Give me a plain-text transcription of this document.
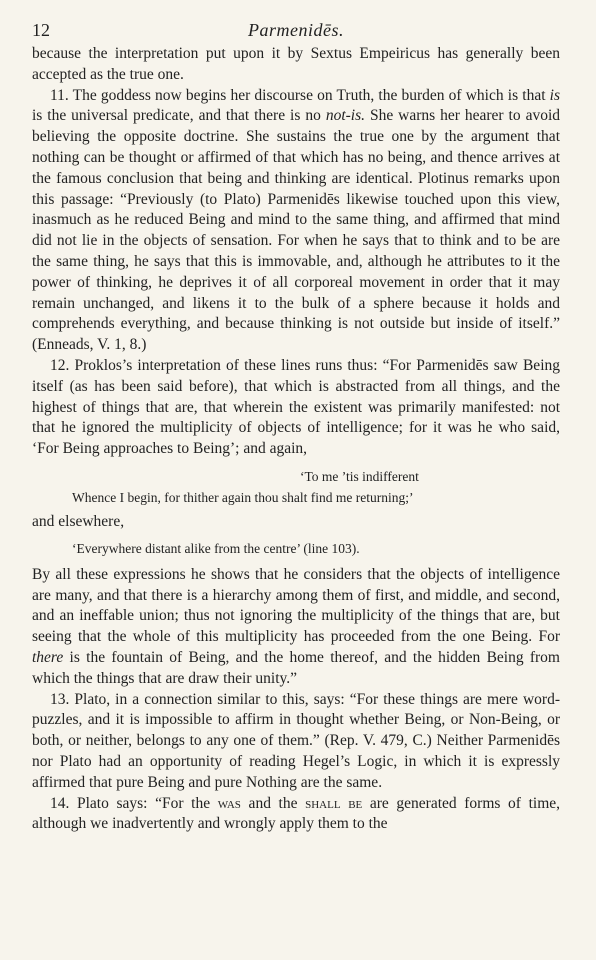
12	Parmenidēs.

because the interpretation put upon it by Sextus Empeiricus has generally been accepted as the true one.

11. The goddess now begins her discourse on Truth, the burden of which is that is is the universal predicate, and that there is no not-is. She warns her hearer to avoid believing the opposite doctrine. She sustains the true one by the argument that nothing can be thought or affirmed of that which has no being, and thence arrives at the famous conclusion that being and thinking are identical. Plotinus remarks upon this passage: “Previously (to Plato) Parmenidēs likewise touched upon this view, inasmuch as he reduced Being and mind to the same thing, and affirmed that mind did not lie in the objects of sensation. For when he says that to think and to be are the same thing, he says that this is immovable, and, although he attributes to it the power of thinking, he deprives it of all corporeal movement in order that it may remain unchanged, and likens it to the bulk of a sphere because it holds and comprehends everything, and because thinking is not outside but inside of itself.” (Enneads, V. 1, 8.)

12. Proklos’s interpretation of these lines runs thus: “For Parmenidēs saw Being itself (as has been said before), that which is abstracted from all things, and the highest of things that are, that wherein the existent was primarily manifested: not that he ignored the multiplicity of objects of intelligence; for it was he who said, ‘For Being approaches to Being’; and again,

‘To me ’tis indifferent
Whence I begin, for thither again thou shalt find me returning;’

and elsewhere,

‘Everywhere distant alike from the centre’ (line 103).

By all these expressions he shows that he considers that the objects of intelligence are many, and that there is a hierarchy among them of first, and middle, and second, and an ineffable union; thus not ignoring the multiplicity of the things that are, but seeing that the whole of this multiplicity has proceeded from the one Being. For there is the fountain of Being, and the home thereof, and the hidden Being from which the things that are draw their unity.”

13. Plato, in a connection similar to this, says: “For these things are mere word-puzzles, and it is impossible to affirm in thought whether Being, or Non-Being, or both, or neither, belongs to any one of them.” (Rep. V. 479, C.) Neither Parmenidēs nor Plato had an opportunity of reading Hegel’s Logic, in which it is expressly affirmed that pure Being and pure Nothing are the same.

14. Plato says: “For the was and the shall be are generated forms of time, although we inadvertently and wrongly apply them to the
